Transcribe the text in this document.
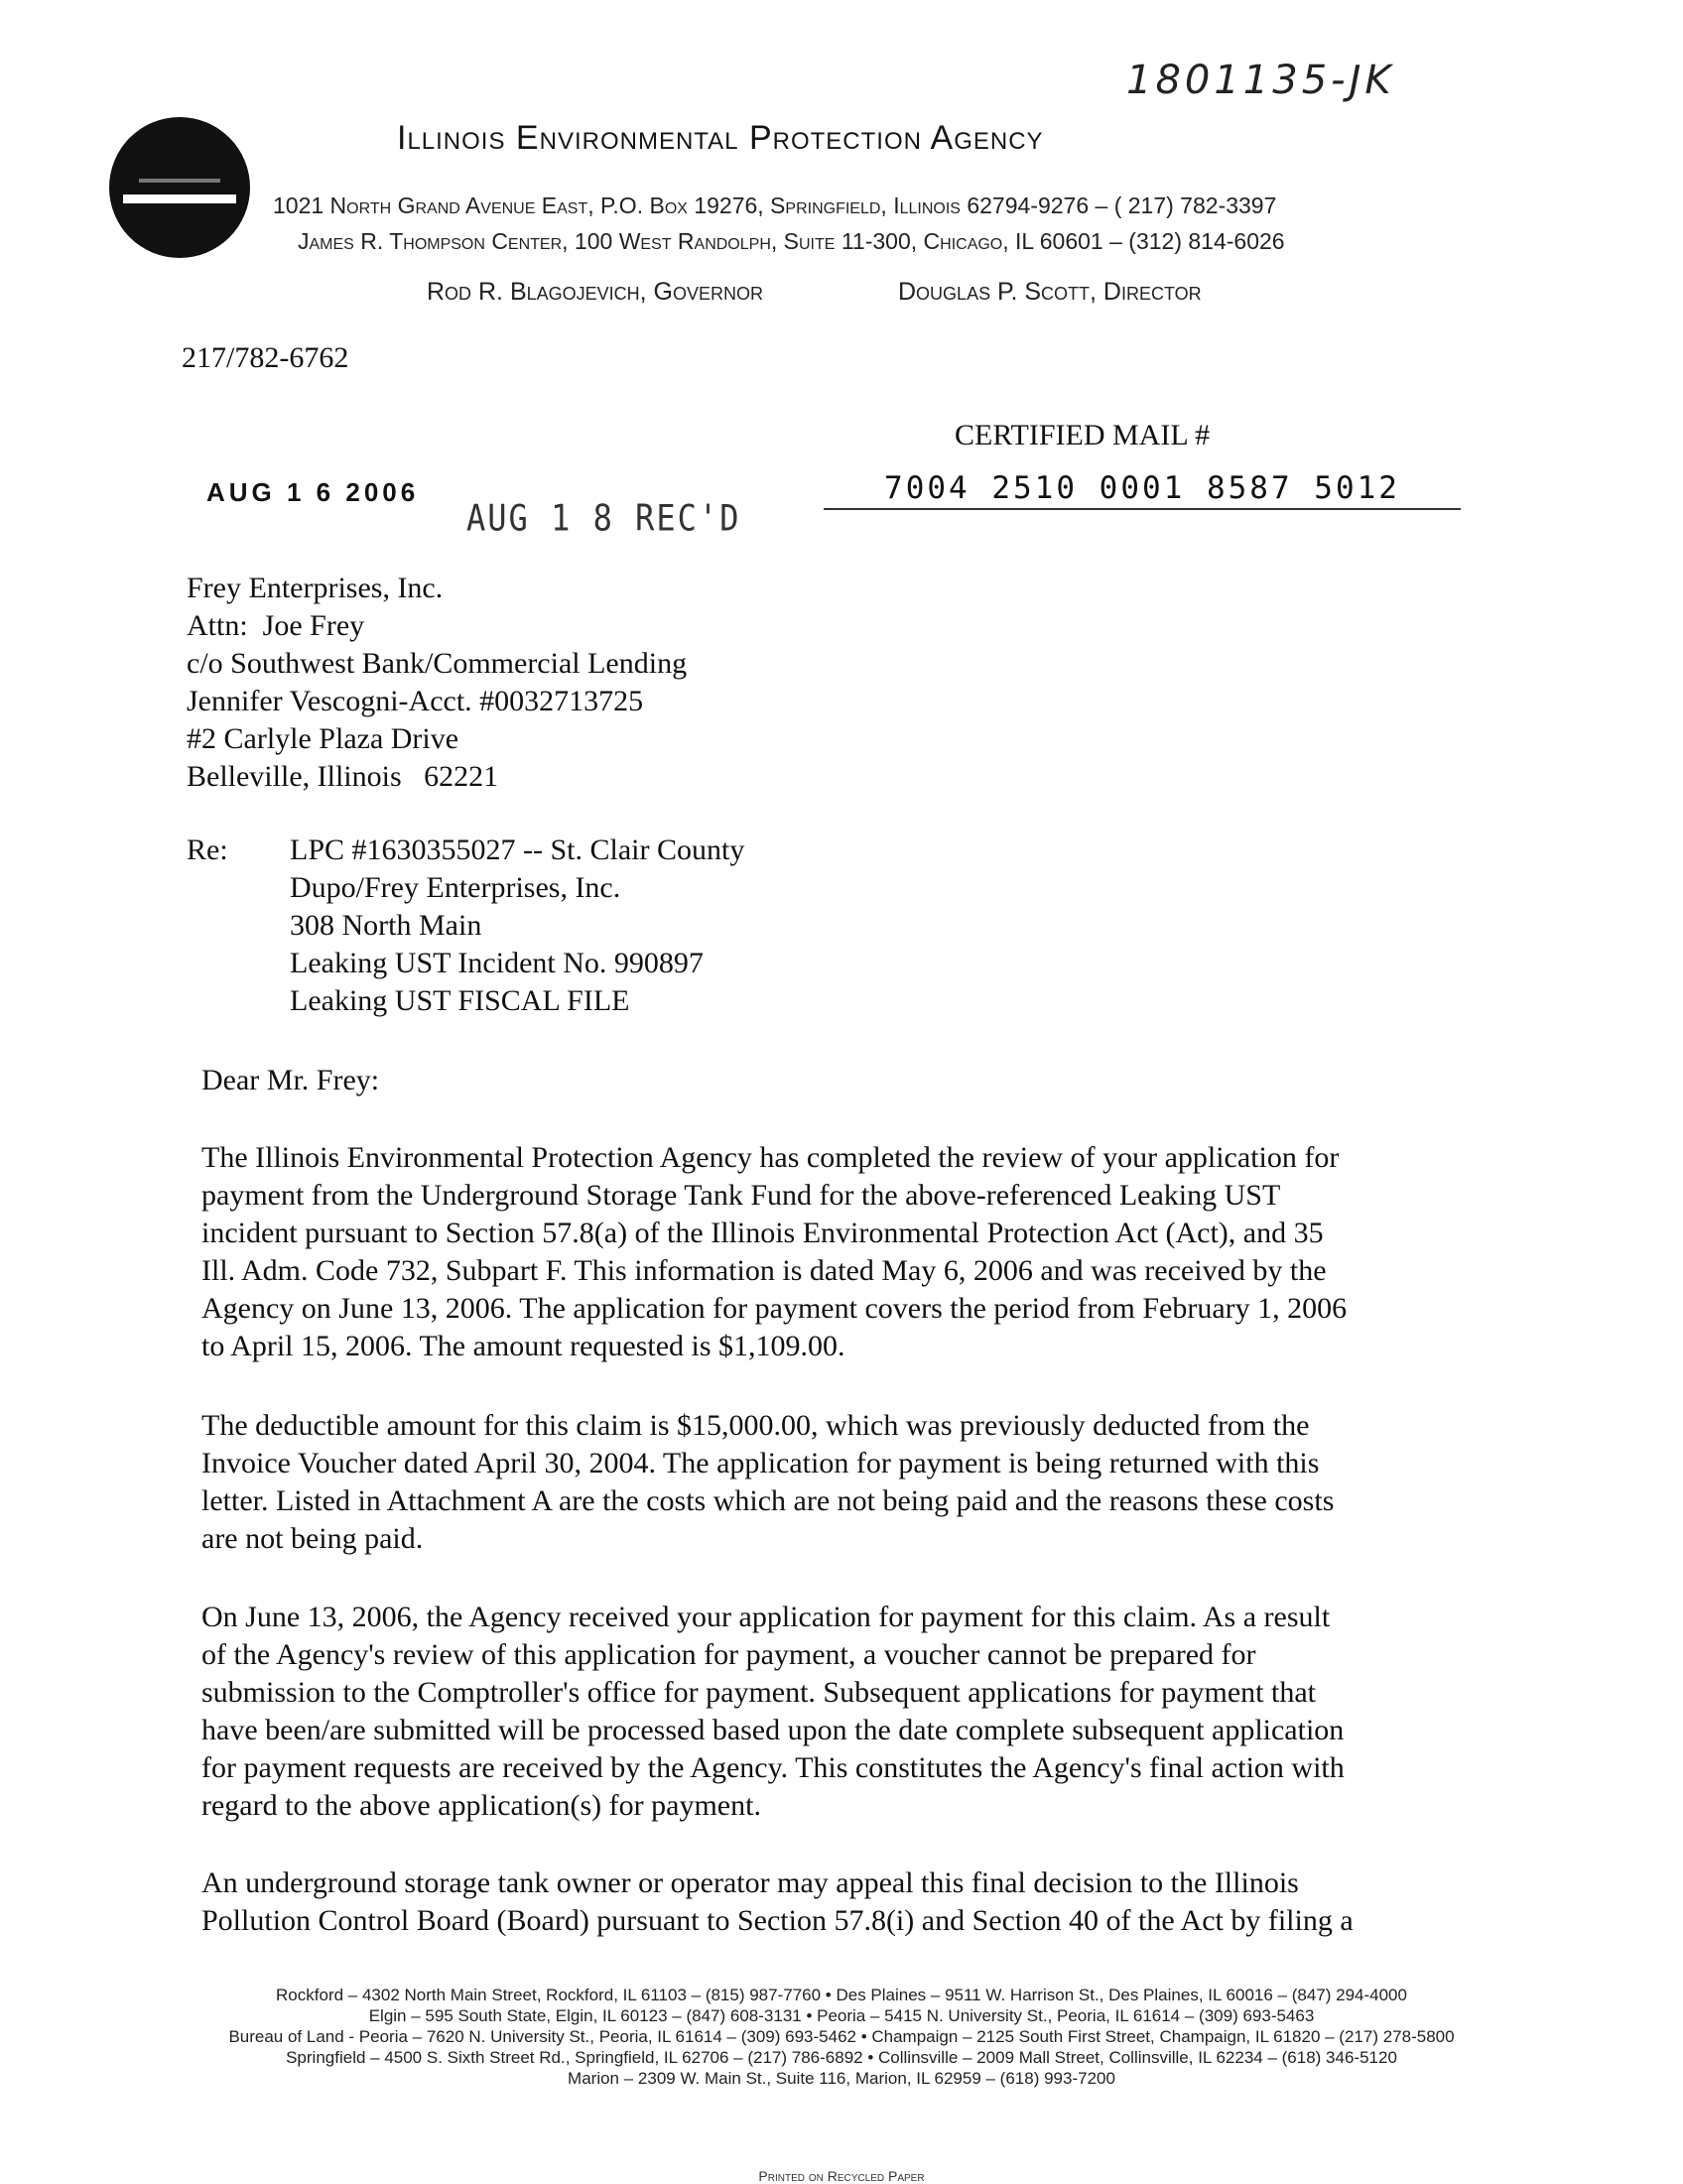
1801135-JK
Illinois Environmental Protection Agency
1021 North Grand Avenue East, P.O. Box 19276, Springfield, Illinois 62794-9276 – ( 217) 782-3397
James R. Thompson Center, 100 West Randolph, Suite 11-300, Chicago, IL 60601 – (312) 814-6026
Rod R. Blagojevich, Governor	Douglas P. Scott, Director
217/782-6762
CERTIFIED MAIL #
7004 2510 0001 8587 5012
AUG 1 6 2006
AUG 1 8 REC'D
Frey Enterprises, Inc.
Attn:  Joe Frey
c/o Southwest Bank/Commercial Lending
Jennifer Vescogni-Acct. #0032713725
#2 Carlyle Plaza Drive
Belleville, Illinois   62221
Re: LPC #1630355027 -- St. Clair County
Dupo/Frey Enterprises, Inc.
308 North Main
Leaking UST Incident No. 990897
Leaking UST FISCAL FILE
Dear Mr. Frey:
The Illinois Environmental Protection Agency has completed the review of your application for
payment from the Underground Storage Tank Fund for the above-referenced Leaking UST
incident pursuant to Section 57.8(a) of the Illinois Environmental Protection Act (Act), and 35
Ill. Adm. Code 732, Subpart F. This information is dated May 6, 2006 and was received by the
Agency on June 13, 2006. The application for payment covers the period from February 1, 2006
to April 15, 2006. The amount requested is $1,109.00.
The deductible amount for this claim is $15,000.00, which was previously deducted from the
Invoice Voucher dated April 30, 2004. The application for payment is being returned with this
letter. Listed in Attachment A are the costs which are not being paid and the reasons these costs
are not being paid.
On June 13, 2006, the Agency received your application for payment for this claim. As a result
of the Agency's review of this application for payment, a voucher cannot be prepared for
submission to the Comptroller's office for payment. Subsequent applications for payment that
have been/are submitted will be processed based upon the date complete subsequent application
for payment requests are received by the Agency. This constitutes the Agency's final action with
regard to the above application(s) for payment.
An underground storage tank owner or operator may appeal this final decision to the Illinois
Pollution Control Board (Board) pursuant to Section 57.8(i) and Section 40 of the Act by filing a
Rockford – 4302 North Main Street, Rockford, IL 61103 – (815) 987-7760 • Des Plaines – 9511 W. Harrison St., Des Plaines, IL 60016 – (847) 294-4000
Elgin – 595 South State, Elgin, IL 60123 – (847) 608-3131 • Peoria – 5415 N. University St., Peoria, IL 61614 – (309) 693-5463
Bureau of Land - Peoria – 7620 N. University St., Peoria, IL 61614 – (309) 693-5462 • Champaign – 2125 South First Street, Champaign, IL 61820 – (217) 278-5800
Springfield – 4500 S. Sixth Street Rd., Springfield, IL 62706 – (217) 786-6892 • Collinsville – 2009 Mall Street, Collinsville, IL 62234 – (618) 346-5120
Marion – 2309 W. Main St., Suite 116, Marion, IL 62959 – (618) 993-7200
Printed on Recycled Paper
